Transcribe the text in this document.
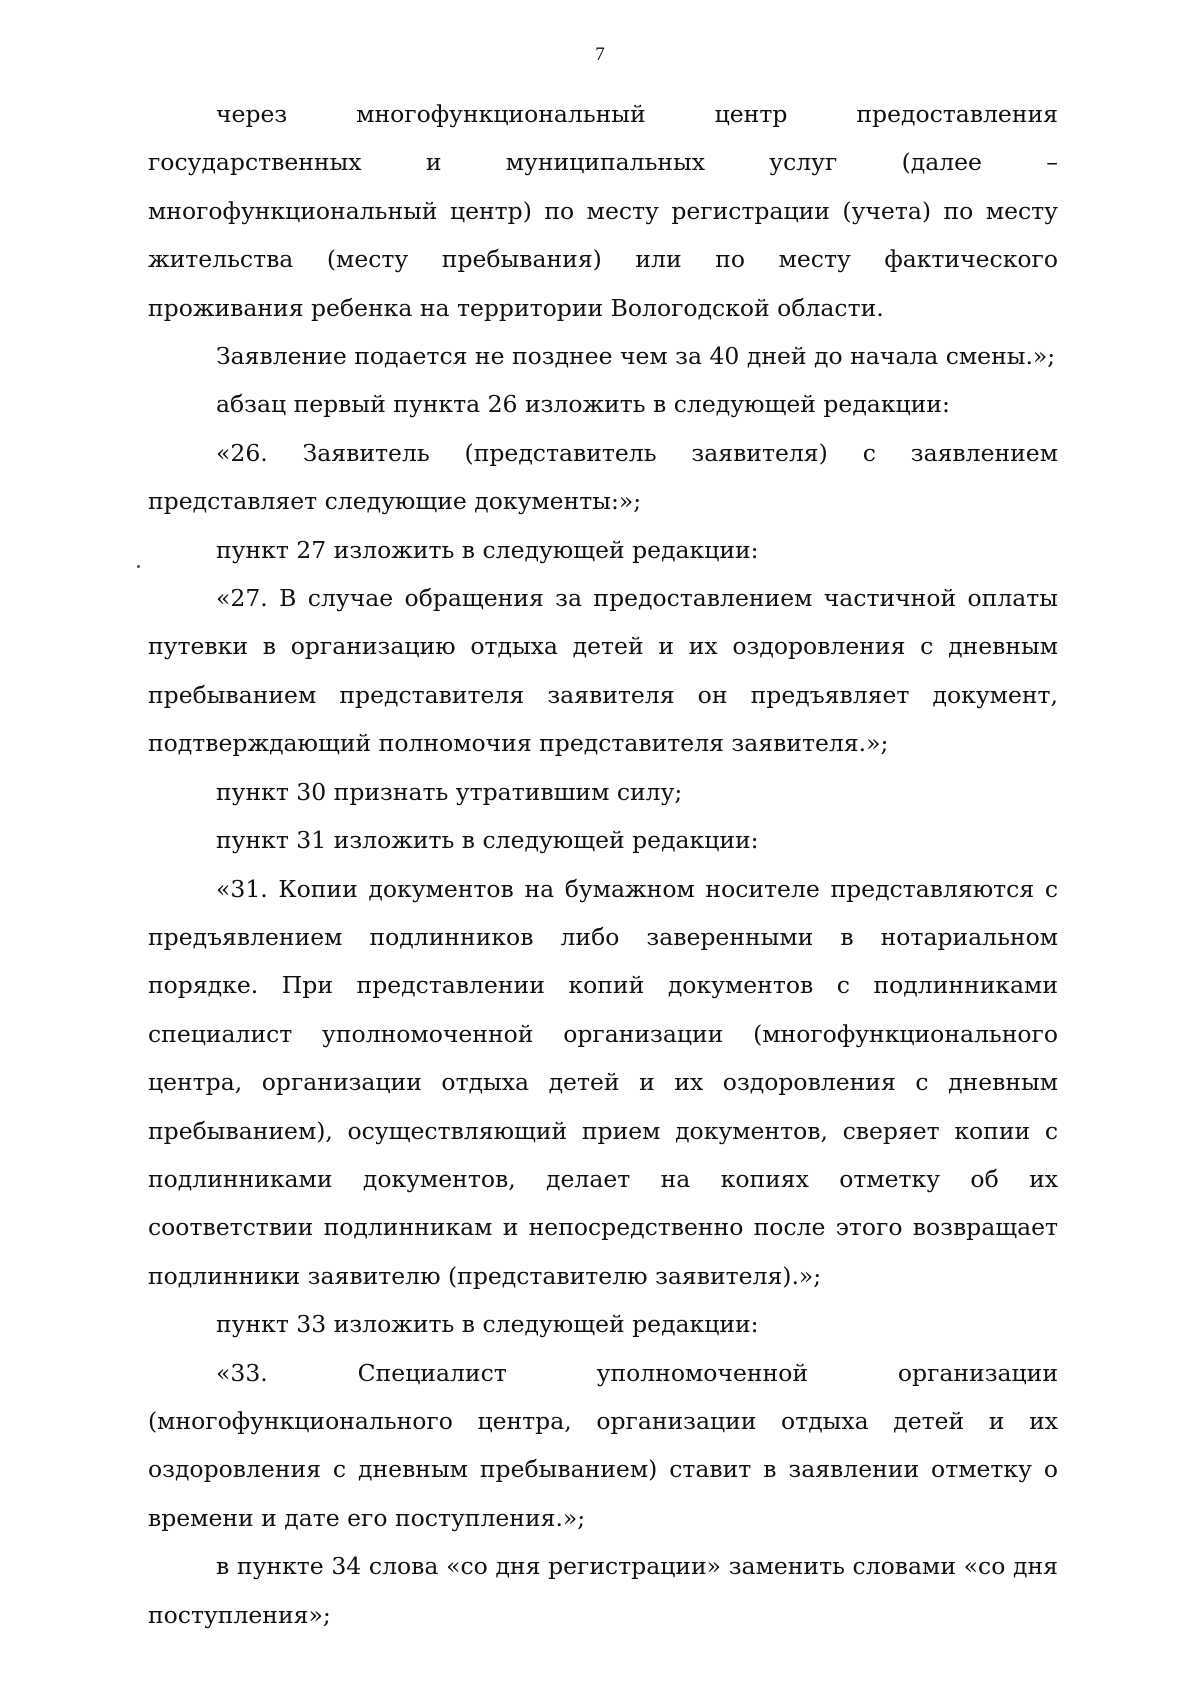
7

через многофункциональный центр предоставления государственных и муниципальных услуг (далее – многофункциональный центр) по месту регистрации (учета) по месту жительства (месту пребывания) или по месту фактического проживания ребенка на территории Вологодской области.

Заявление подается не позднее чем за 40 дней до начала смены.»;

абзац первый пункта 26 изложить в следующей редакции:

«26. Заявитель (представитель заявителя) с заявлением представляет следующие документы:»;

пункт 27 изложить в следующей редакции:

«27. В случае обращения за предоставлением частичной оплаты путевки в организацию отдыха детей и их оздоровления с дневным пребыванием представителя заявителя он предъявляет документ, подтверждающий полномочия представителя заявителя.»;

пункт 30 признать утратившим силу;

пункт 31 изложить в следующей редакции:

«31. Копии документов на бумажном носителе представляются с предъявлением подлинников либо заверенными в нотариальном порядке. При представлении копий документов с подлинниками специалист уполномоченной организации (многофункционального центра, организации отдыха детей и их оздоровления с дневным пребыванием), осуществляющий прием документов, сверяет копии с подлинниками документов, делает на копиях отметку об их соответствии подлинникам и непосредственно после этого возвращает подлинники заявителю (представителю заявителя).»;

пункт 33 изложить в следующей редакции:

«33. Специалист уполномоченной организации (многофункционального центра, организации отдыха детей и их оздоровления с дневным пребыванием) ставит в заявлении отметку о времени и дате его поступления.»;

в пункте 34 слова «со дня регистрации» заменить словами «со дня поступления»;
